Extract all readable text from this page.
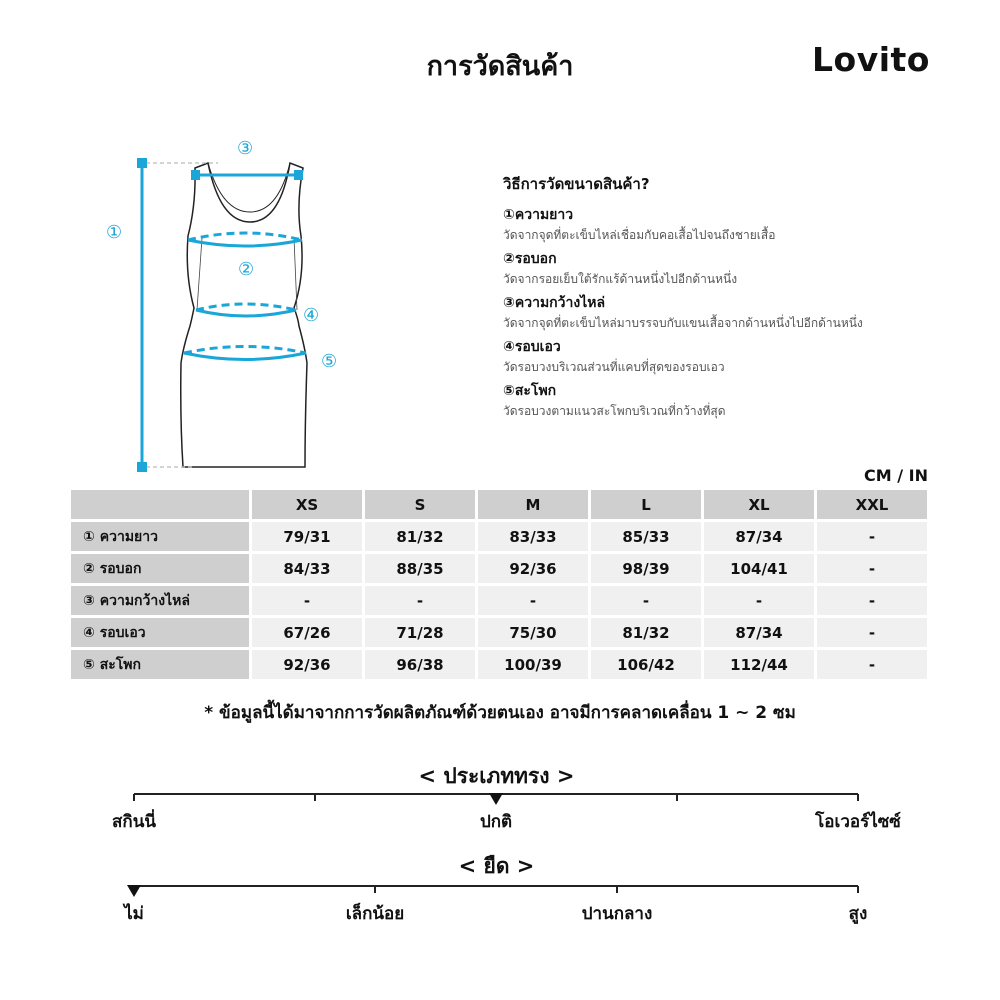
การวัดสินค้า	Lovito
①
②
③
④
⑤
วิธีการวัดขนาดสินค้า?
①ความยาว
วัดจากจุดที่ตะเข็บไหล่เชื่อมกับคอเสื้อไปจนถึงชายเสื้อ
②รอบอก
วัดจากรอยเย็บใต้รักแร้ด้านหนึ่งไปอีกด้านหนึ่ง
③ความกว้างไหล่
วัดจากจุดที่ตะเข็บไหล่มาบรรจบกับแขนเสื้อจากด้านหนึ่งไปอีกด้านหนึ่ง
④รอบเอว
วัดรอบวงบริเวณส่วนที่แคบที่สุดของรอบเอว
⑤สะโพก
วัดรอบวงตามแนวสะโพกบริเวณที่กว้างที่สุด
CM / IN
	XS	S	M	L	XL	XXL
① ความยาว	79/31	81/32	83/33	85/33	87/34	-
② รอบอก	84/33	88/35	92/36	98/39	104/41	-
③ ความกว้างไหล่	-	-	-	-	-	-
④ รอบเอว	67/26	71/28	75/30	81/32	87/34	-
⑤ สะโพก	92/36	96/38	100/39	106/42	112/44	-
* ข้อมูลนี้ได้มาจากการวัดผลิตภัณฑ์ด้วยตนเอง อาจมีการคลาดเคลื่อน 1 ~ 2 ซม
< ประเภททรง >
สกินนี่	ปกติ	โอเวอร์ไซซ์
< ยืด >
ไม่	เล็กน้อย	ปานกลาง	สูง
